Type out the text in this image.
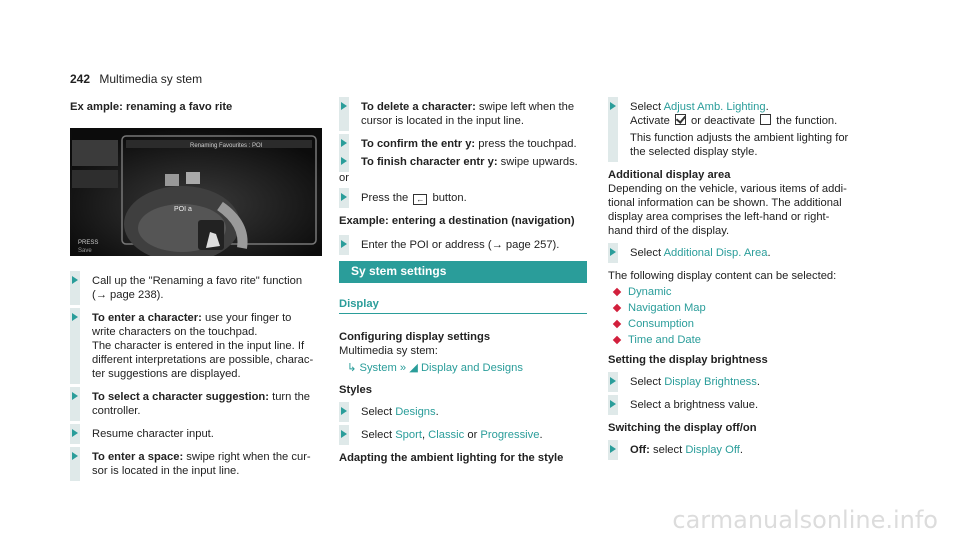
242 Multimedia sy stem
Ex ample: renaming a favo rite
Renaming Favourites : POI
POI a
PRESS
Save
Call up the "Renaming a favo rite" function
(→ page 238).
To enter a character: use your finger to
write characters on the touchpad.
The character is entered in the input line. If
different interpretations are possible, charac-
ter suggestions are displayed.
To select a character suggestion: turn the
controller.
Resume character input.
To enter a space: swipe right when the cur-
sor is located in the input line.
To delete a character: swipe left when the
cursor is located in the input line.
To confirm the entr y: press the touchpad.
To finish character entr y: swipe upwards.
or
Press the ← button.
Example: entering a destination (navigation)
Enter the POI or address (→ page 257).
Sy stem settings
Display
Configuring display settings
Multimedia sy stem:
↳ System » ◢ Display and Designs
Styles
Select Designs.
Select Sport, Classic or Progressive.
Adapting the ambient lighting for the style
Select Adjust Amb. Lighting.
Activate  or deactivate  the function.
This function adjusts the ambient lighting for
the selected display style.
Additional display area
Depending on the vehicle, various items of addi-
tional information can be shown. The additional
display area comprises the left-hand or right-
hand third of the display.
Select Additional Disp. Area.
The following display content can be selected:
Dynamic
Navigation Map
Consumption
Time and Date
Setting the display brightness
Select Display Brightness.
Select a brightness value.
Switching the display off/on
Off: select Display Off.
carmanualsonline.info
